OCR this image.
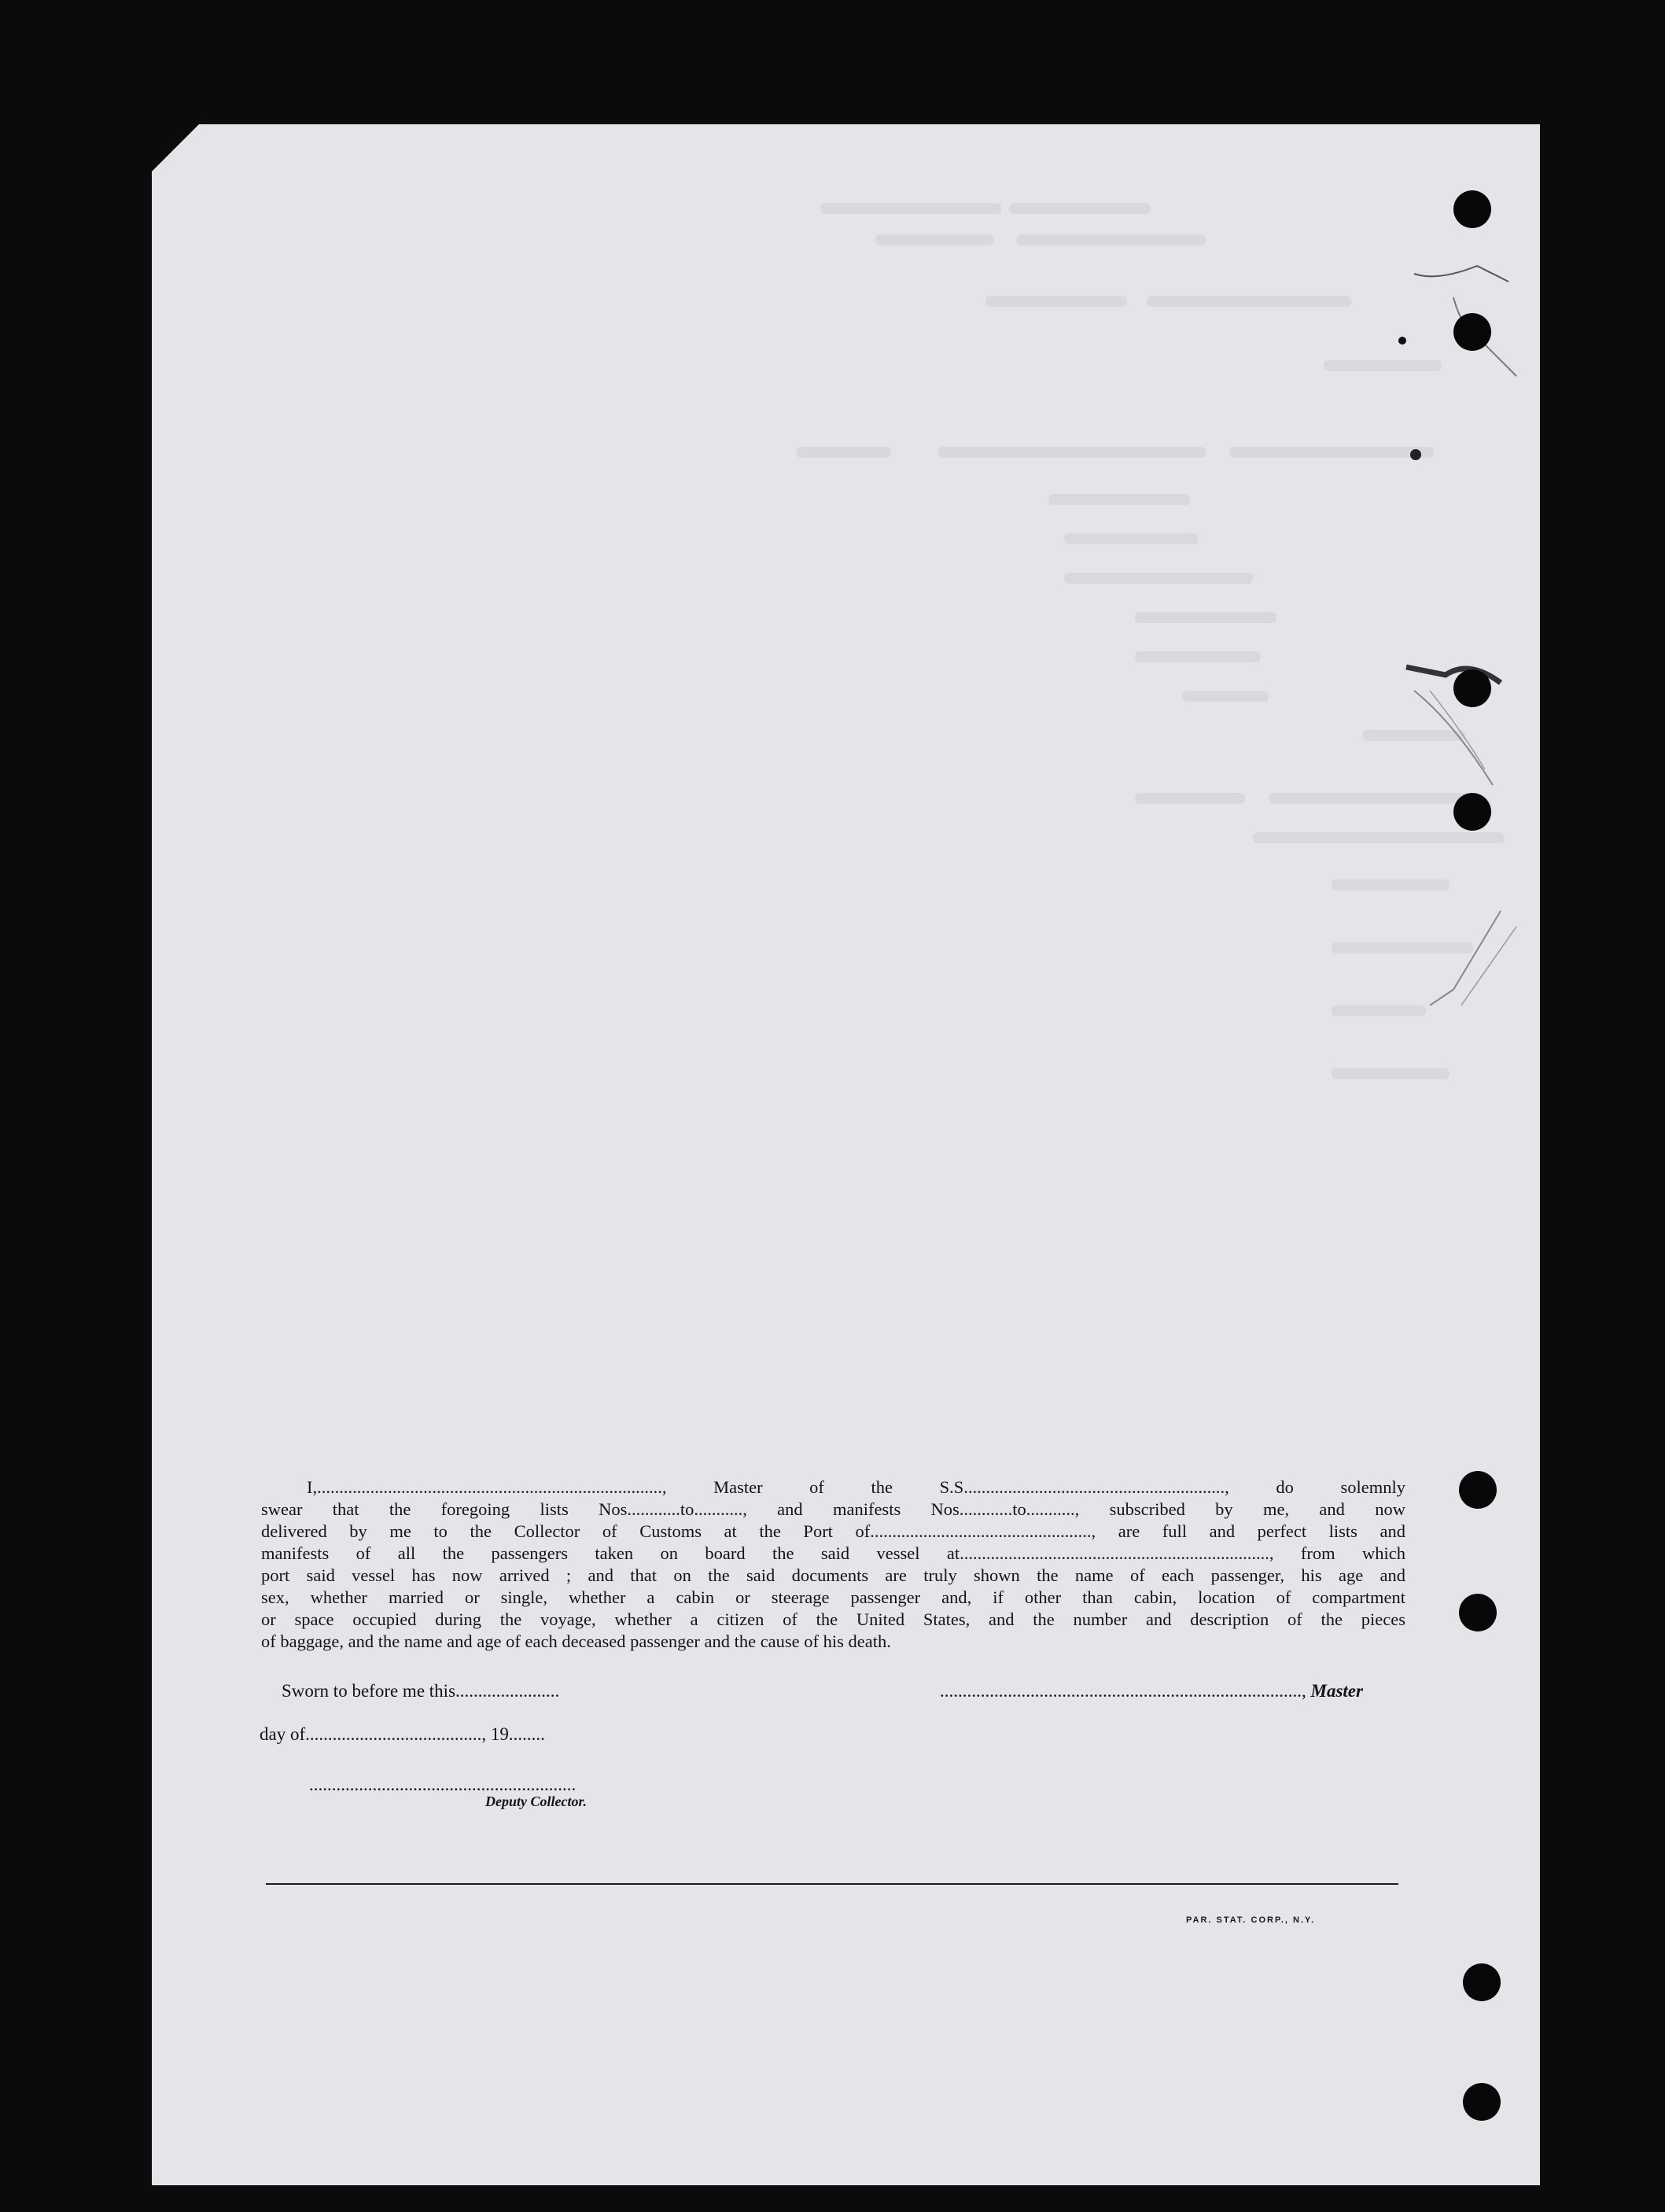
I,.............................................................................., Master of the S.S..........................................................., do solemnly
swear that the foregoing lists Nos............to..........., and manifests Nos............to..........., subscribed by me, and now
delivered by me to the Collector of Customs at the Port of.................................................., are full and perfect lists and
manifests of all the passengers taken on board the said vessel at......................................................................, from which
port said vessel has now arrived ; and that on the said documents are truly shown the name of each passenger, his age and
sex, whether married or single, whether a cabin or steerage passenger and, if other than cabin, location of compartment
or space occupied during the voyage, whether a citizen of the United States, and the number and description of the pieces
of baggage, and the name and age of each deceased passenger and the cause of his death.

Sworn to before me this.......................
day of......................................., 19........
...........................................................
Deputy Collector.
................................................................................, Master
PAR. STAT. CORP., N.Y.
